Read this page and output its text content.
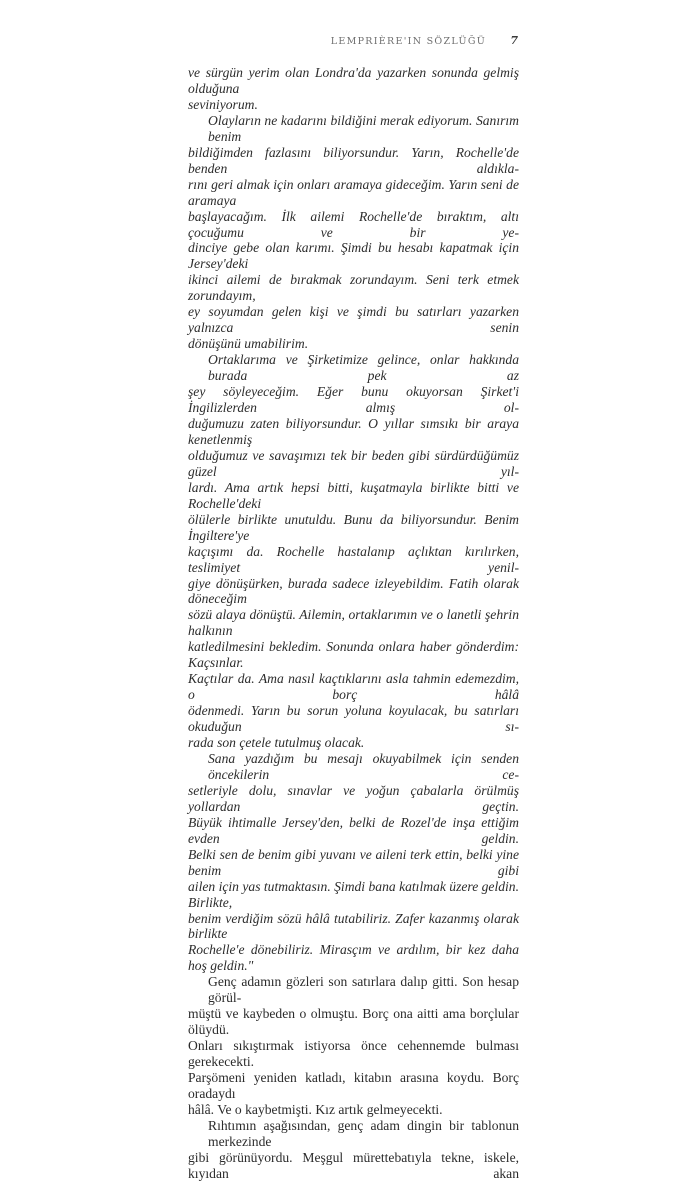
LEMPRIÈRE'IN SÖZLÜĞÜ 7

ve sürgün yerim olan Londra'da yazarken sonunda gelmiş olduğuna
seviniyorum.

Olayların ne kadarını bildiğini merak ediyorum. Sanırım benim
bildiğimden fazlasını biliyorsundur. Yarın, Rochelle'de benden aldıkla-
rını geri almak için onları aramaya gideceğim. Yarın seni de aramaya
başlayacağım. İlk ailemi Rochelle'de bıraktım, altı çocuğumu ve bir ye-
dinciye gebe olan karımı. Şimdi bu hesabı kapatmak için Jersey'deki
ikinci ailemi de bırakmak zorundayım. Seni terk etmek zorundayım,
ey soyumdan gelen kişi ve şimdi bu satırları yazarken yalnızca senin
dönüşünü umabilirim.

Ortaklarıma ve Şirketimize gelince, onlar hakkında burada pek az
şey söyleyeceğim. Eğer bunu okuyorsan Şirket'i İngilizlerden almış ol-
duğumuzu zaten biliyorsundur. O yıllar sımsıkı bir araya kenetlenmiş
olduğumuz ve savaşımızı tek bir beden gibi sürdürdüğümüz güzel yıl-
lardı. Ama artık hepsi bitti, kuşatmayla birlikte bitti ve Rochelle'deki
ölülerle birlikte unutuldu. Bunu da biliyorsundur. Benim İngiltere'ye
kaçışımı da. Rochelle hastalanıp açlıktan kırılırken, teslimiyet yenil-
giye dönüşürken, burada sadece izleyebildim. Fatih olarak döneceğim
sözü alaya dönüştü. Ailemin, ortaklarımın ve o lanetli şehrin halkının
katledilmesini bekledim. Sonunda onlara haber gönderdim: Kaçsınlar.
Kaçtılar da. Ama nasıl kaçtıklarını asla tahmin edemezdim, o borç hâlâ
ödenmedi. Yarın bu sorun yoluna koyulacak, bu satırları okuduğun sı-
rada son çetele tutulmuş olacak.

Sana yazdığım bu mesajı okuyabilmek için senden öncekilerin ce-
setleriyle dolu, sınavlar ve yoğun çabalarla örülmüş yollardan geçtin.
Büyük ihtimalle Jersey'den, belki de Rozel'de inşa ettiğim evden geldin.
Belki sen de benim gibi yuvanı ve aileni terk ettin, belki yine benim gibi
ailen için yas tutmaktasın. Şimdi bana katılmak üzere geldin. Birlikte,
benim verdiğim sözü hâlâ tutabiliriz. Zafer kazanmış olarak birlikte
Rochelle'e dönebiliriz. Mirasçım ve ardılım, bir kez daha hoş geldin."

Genç adamın gözleri son satırlara dalıp gitti. Son hesap görül-
müştü ve kaybeden o olmuştu. Borç ona aitti ama borçlular ölüydü.
Onları sıkıştırmak istiyorsa önce cehennemde bulması gerekecekti.
Parşömeni yeniden katladı, kitabın arasına koydu. Borç oradaydı
hâlâ. Ve o kaybetmişti. Kız artık gelmeyecekti.

Rıhtımın aşağısından, genç adam dingin bir tablonun merkezinde
gibi görünüyordu. Meşgul mürettebatıyla tekne, iskele, kıyıdan akan
